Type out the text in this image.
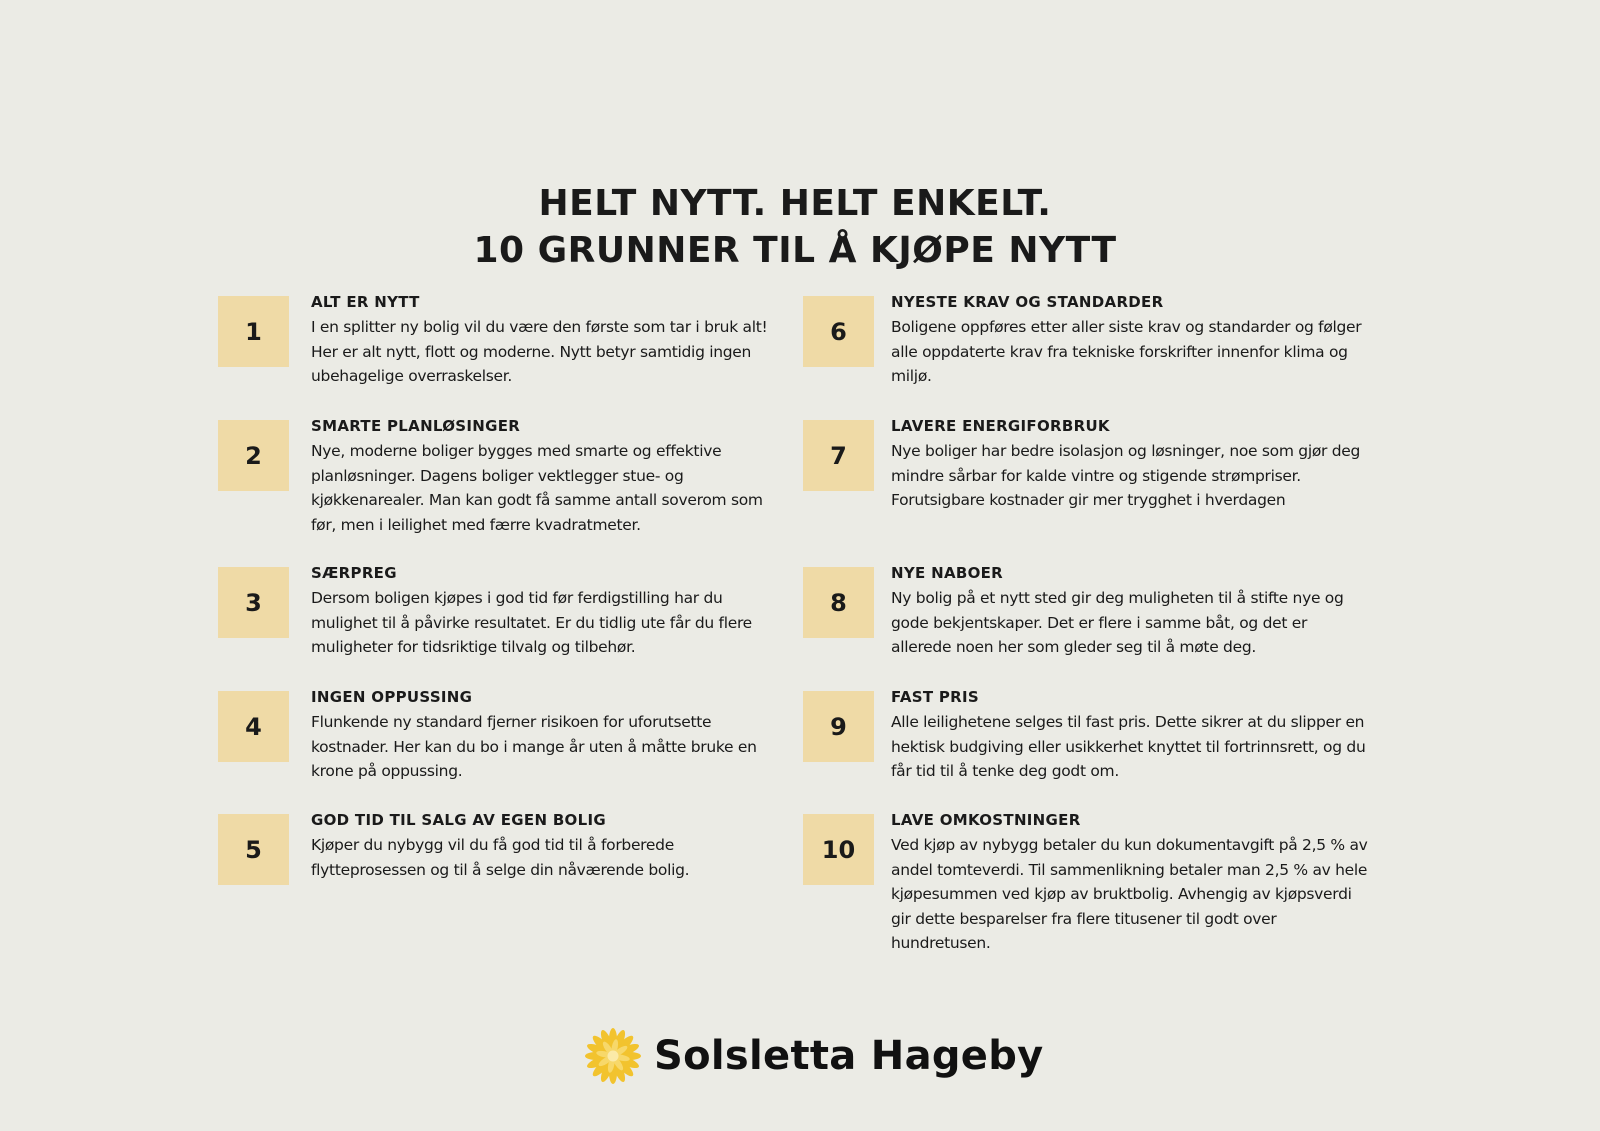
HELT NYTT. HELT ENKELT.
10 GRUNNER TIL Å KJØPE NYTT
1
ALT ER NYTT
I en splitter ny bolig vil du være den første som tar i bruk alt! Her er alt nytt, flott og moderne. Nytt betyr samtidig ingen ubehagelige overraskelser.
2
SMARTE PLANLØSINGER
Nye, moderne boliger bygges med smarte og effektive planløsninger. Dagens boliger vektlegger stue- og kjøkkenarealer. Man kan godt få samme antall soverom som før, men i leilighet med færre kvadratmeter.
3
SÆRPREG
Dersom boligen kjøpes i god tid før ferdigstilling har du mulighet til å påvirke resultatet. Er du tidlig ute får du flere muligheter for tidsriktige tilvalg og tilbehør.
4
INGEN OPPUSSING
Flunkende ny standard fjerner risikoen for uforutsette kostnader. Her kan du bo i mange år uten å måtte bruke en krone på oppussing.
5
GOD TID TIL SALG AV EGEN BOLIG
Kjøper du nybygg vil du få god tid til å forberede flytteprosessen og til å selge din nåværende bolig.
6
NYESTE KRAV OG STANDARDER
Boligene oppføres etter aller siste krav og standarder og følger alle oppdaterte krav fra tekniske forskrifter innenfor klima og miljø.
7
LAVERE ENERGIFORBRUK
Nye boliger har bedre isolasjon og løsninger, noe som gjør deg mindre sårbar for kalde vintre og stigende strømpriser. Forutsigbare kostnader gir mer trygghet i hverdagen
8
NYE NABOER
Ny bolig på et nytt sted gir deg muligheten til å stifte nye og gode bekjentskaper. Det er flere i samme båt, og det er allerede noen her som gleder seg til å møte deg.
9
FAST PRIS
Alle leilighetene selges til fast pris. Dette sikrer at du slipper en hektisk budgiving eller usikkerhet knyttet til fortrinnsrett, og du får tid til å tenke deg godt om.
10
LAVE OMKOSTNINGER
Ved kjøp av nybygg betaler du kun dokumentavgift på 2,5 % av andel tomteverdi. Til sammenlikning betaler man 2,5 % av hele kjøpesummen ved kjøp av bruktbolig. Avhengig av kjøpsverdi gir dette besparelser fra flere titusener til godt over hundretusen.
Solsletta Hageby
